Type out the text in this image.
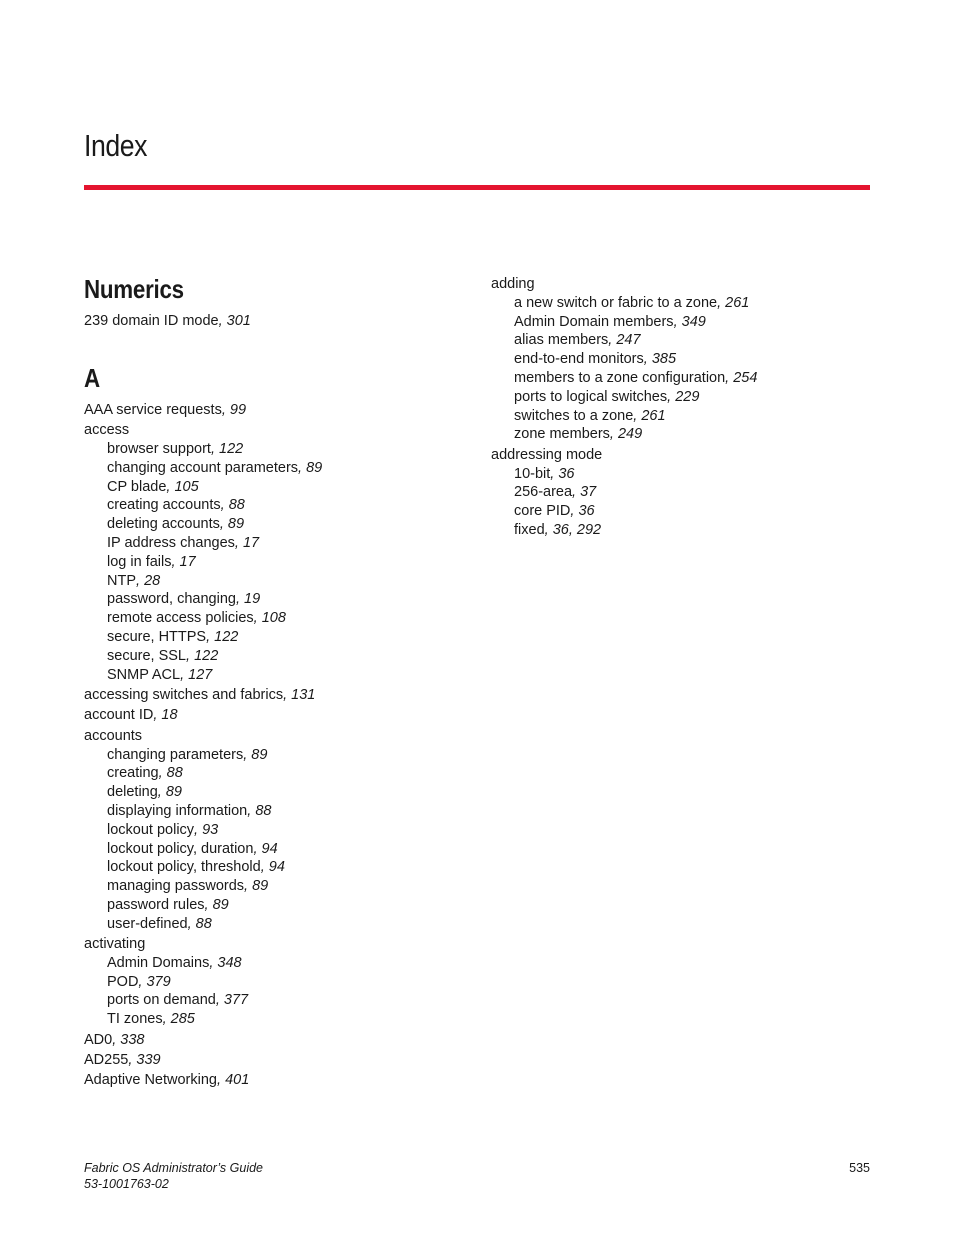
Index
Numerics
239 domain ID mode, 301
A
AAA service requests, 99
access
browser support, 122
changing account parameters, 89
CP blade, 105
creating accounts, 88
deleting accounts, 89
IP address changes, 17
log in fails, 17
NTP, 28
password, changing, 19
remote access policies, 108
secure, HTTPS, 122
secure, SSL, 122
SNMP ACL, 127
accessing switches and fabrics, 131
account ID, 18
accounts
changing parameters, 89
creating, 88
deleting, 89
displaying information, 88
lockout policy, 93
lockout policy, duration, 94
lockout policy, threshold, 94
managing passwords, 89
password rules, 89
user-defined, 88
activating
Admin Domains, 348
POD, 379
ports on demand, 377
TI zones, 285
AD0, 338
AD255, 339
Adaptive Networking, 401
adding
a new switch or fabric to a zone, 261
Admin Domain members, 349
alias members, 247
end-to-end monitors, 385
members to a zone configuration, 254
ports to logical switches, 229
switches to a zone, 261
zone members, 249
addressing mode
10-bit, 36
256-area, 37
core PID, 36
fixed, 36, 292
Fabric OS Administrator’s Guide
53-1001763-02
535
